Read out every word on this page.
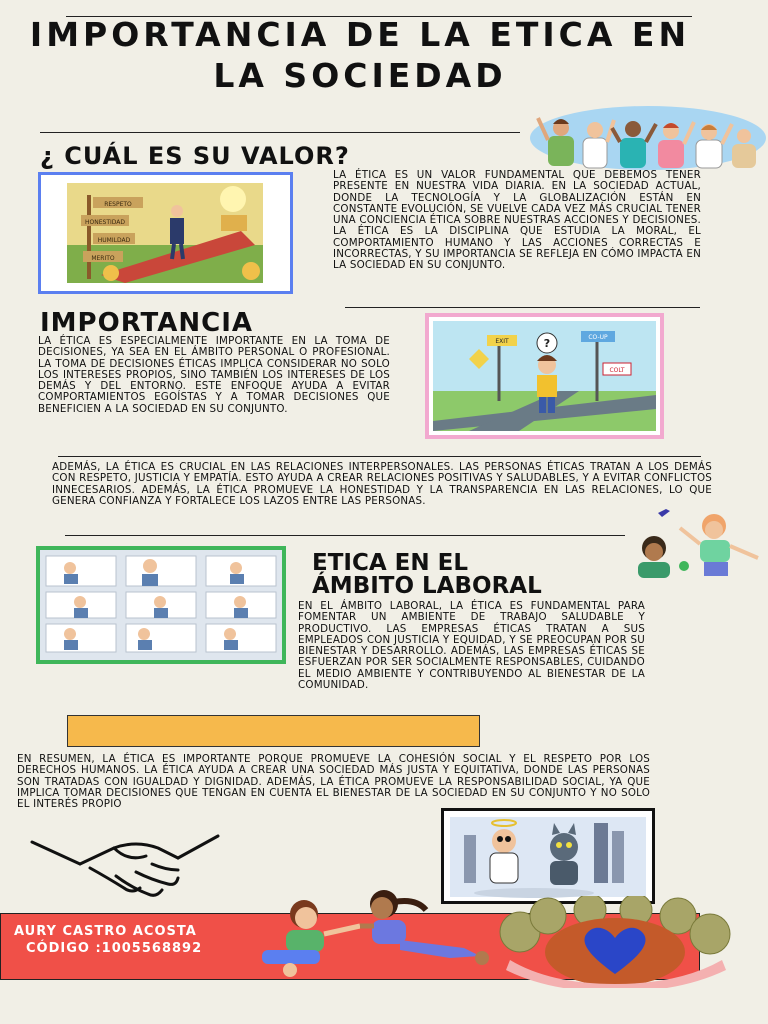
IMPORTANCIA DE LA ETICA EN LA SOCIEDAD
¿ CUÁL ES SU VALOR?
RESPETO
HONESTIDAD
HUMILDAD
MERITO
LA ÉTICA ES UN VALOR FUNDAMENTAL QUE DEBEMOS TENER PRESENTE EN NUESTRA VIDA DIARIA. EN LA SOCIEDAD ACTUAL, DONDE LA TECNOLOGÍA Y LA GLOBALIZACIÓN ESTÁN EN CONSTANTE EVOLUCIÓN, SE VUELVE CADA VEZ MÁS CRUCIAL TENER UNA CONCIENCIA ÉTICA SOBRE NUESTRAS ACCIONES Y DECISIONES. LA ÉTICA ES LA DISCIPLINA QUE ESTUDIA LA MORAL, EL COMPORTAMIENTO HUMANO Y LAS ACCIONES CORRECTAS E INCORRECTAS, Y SU IMPORTANCIA SE REFLEJA EN CÓMO IMPACTA EN LA SOCIEDAD EN SU CONJUNTO.
IMPORTANCIA
LA ÉTICA ES ESPECIALMENTE IMPORTANTE EN LA TOMA DE DECISIONES, YA SEA EN EL ÁMBITO PERSONAL O PROFESIONAL. LA TOMA DE DECISIONES ÉTICAS IMPLICA CONSIDERAR NO SOLO LOS INTERESES PROPIOS, SINO TAMBIÉN LOS INTERESES DE LOS DEMÁS Y DEL ENTORNO. ESTE ENFOQUE AYUDA A EVITAR COMPORTAMIENTOS EGOÍSTAS Y A TOMAR DECISIONES QUE BENEFICIEN A LA SOCIEDAD EN SU CONJUNTO.
EXIT	?	CO-UP
COLT
ADEMÁS, LA ÉTICA ES CRUCIAL EN LAS RELACIONES INTERPERSONALES. LAS PERSONAS ÉTICAS TRATAN A LOS DEMÁS CON RESPETO, JUSTICIA Y EMPATÍA. ESTO AYUDA A CREAR RELACIONES POSITIVAS Y SALUDABLES, Y A EVITAR CONFLICTOS INNECESARIOS. ADEMÁS, LA ÉTICA PROMUEVE LA HONESTIDAD Y LA TRANSPARENCIA EN LAS RELACIONES, LO QUE GENERA CONFIANZA Y FORTALECE LOS LAZOS ENTRE LAS PERSONAS.
ETICA EN EL
ÁMBITO LABORAL
EN EL ÁMBITO LABORAL, LA ÉTICA ES FUNDAMENTAL PARA FOMENTAR UN AMBIENTE DE TRABAJO SALUDABLE Y PRODUCTIVO. LAS EMPRESAS ÉTICAS TRATAN A SUS EMPLEADOS CON JUSTICIA Y EQUIDAD, Y SE PREOCUPAN POR SU BIENESTAR Y DESARROLLO. ADEMÁS, LAS EMPRESAS ÉTICAS SE ESFUERZAN POR SER SOCIALMENTE RESPONSABLES, CUIDANDO EL MEDIO AMBIENTE Y CONTRIBUYENDO AL BIENESTAR DE LA COMUNIDAD.
EN RESUMEN, LA ÉTICA ES IMPORTANTE PORQUE PROMUEVE LA COHESIÓN SOCIAL Y EL RESPETO POR LOS DERECHOS HUMANOS. LA ÉTICA AYUDA A CREAR UNA SOCIEDAD MÁS JUSTA Y EQUITATIVA, DONDE LAS PERSONAS SON TRATADAS CON IGUALDAD Y DIGNIDAD. ADEMÁS, LA ÉTICA PROMUEVE LA RESPONSABILIDAD SOCIAL, YA QUE IMPLICA TOMAR DECISIONES QUE TENGAN EN CUENTA EL BIENESTAR DE LA SOCIEDAD EN SU CONJUNTO Y NO SOLO EL INTERÉS PROPIO
AURY CASTRO ACOSTA
CÓDIGO :1005568892
